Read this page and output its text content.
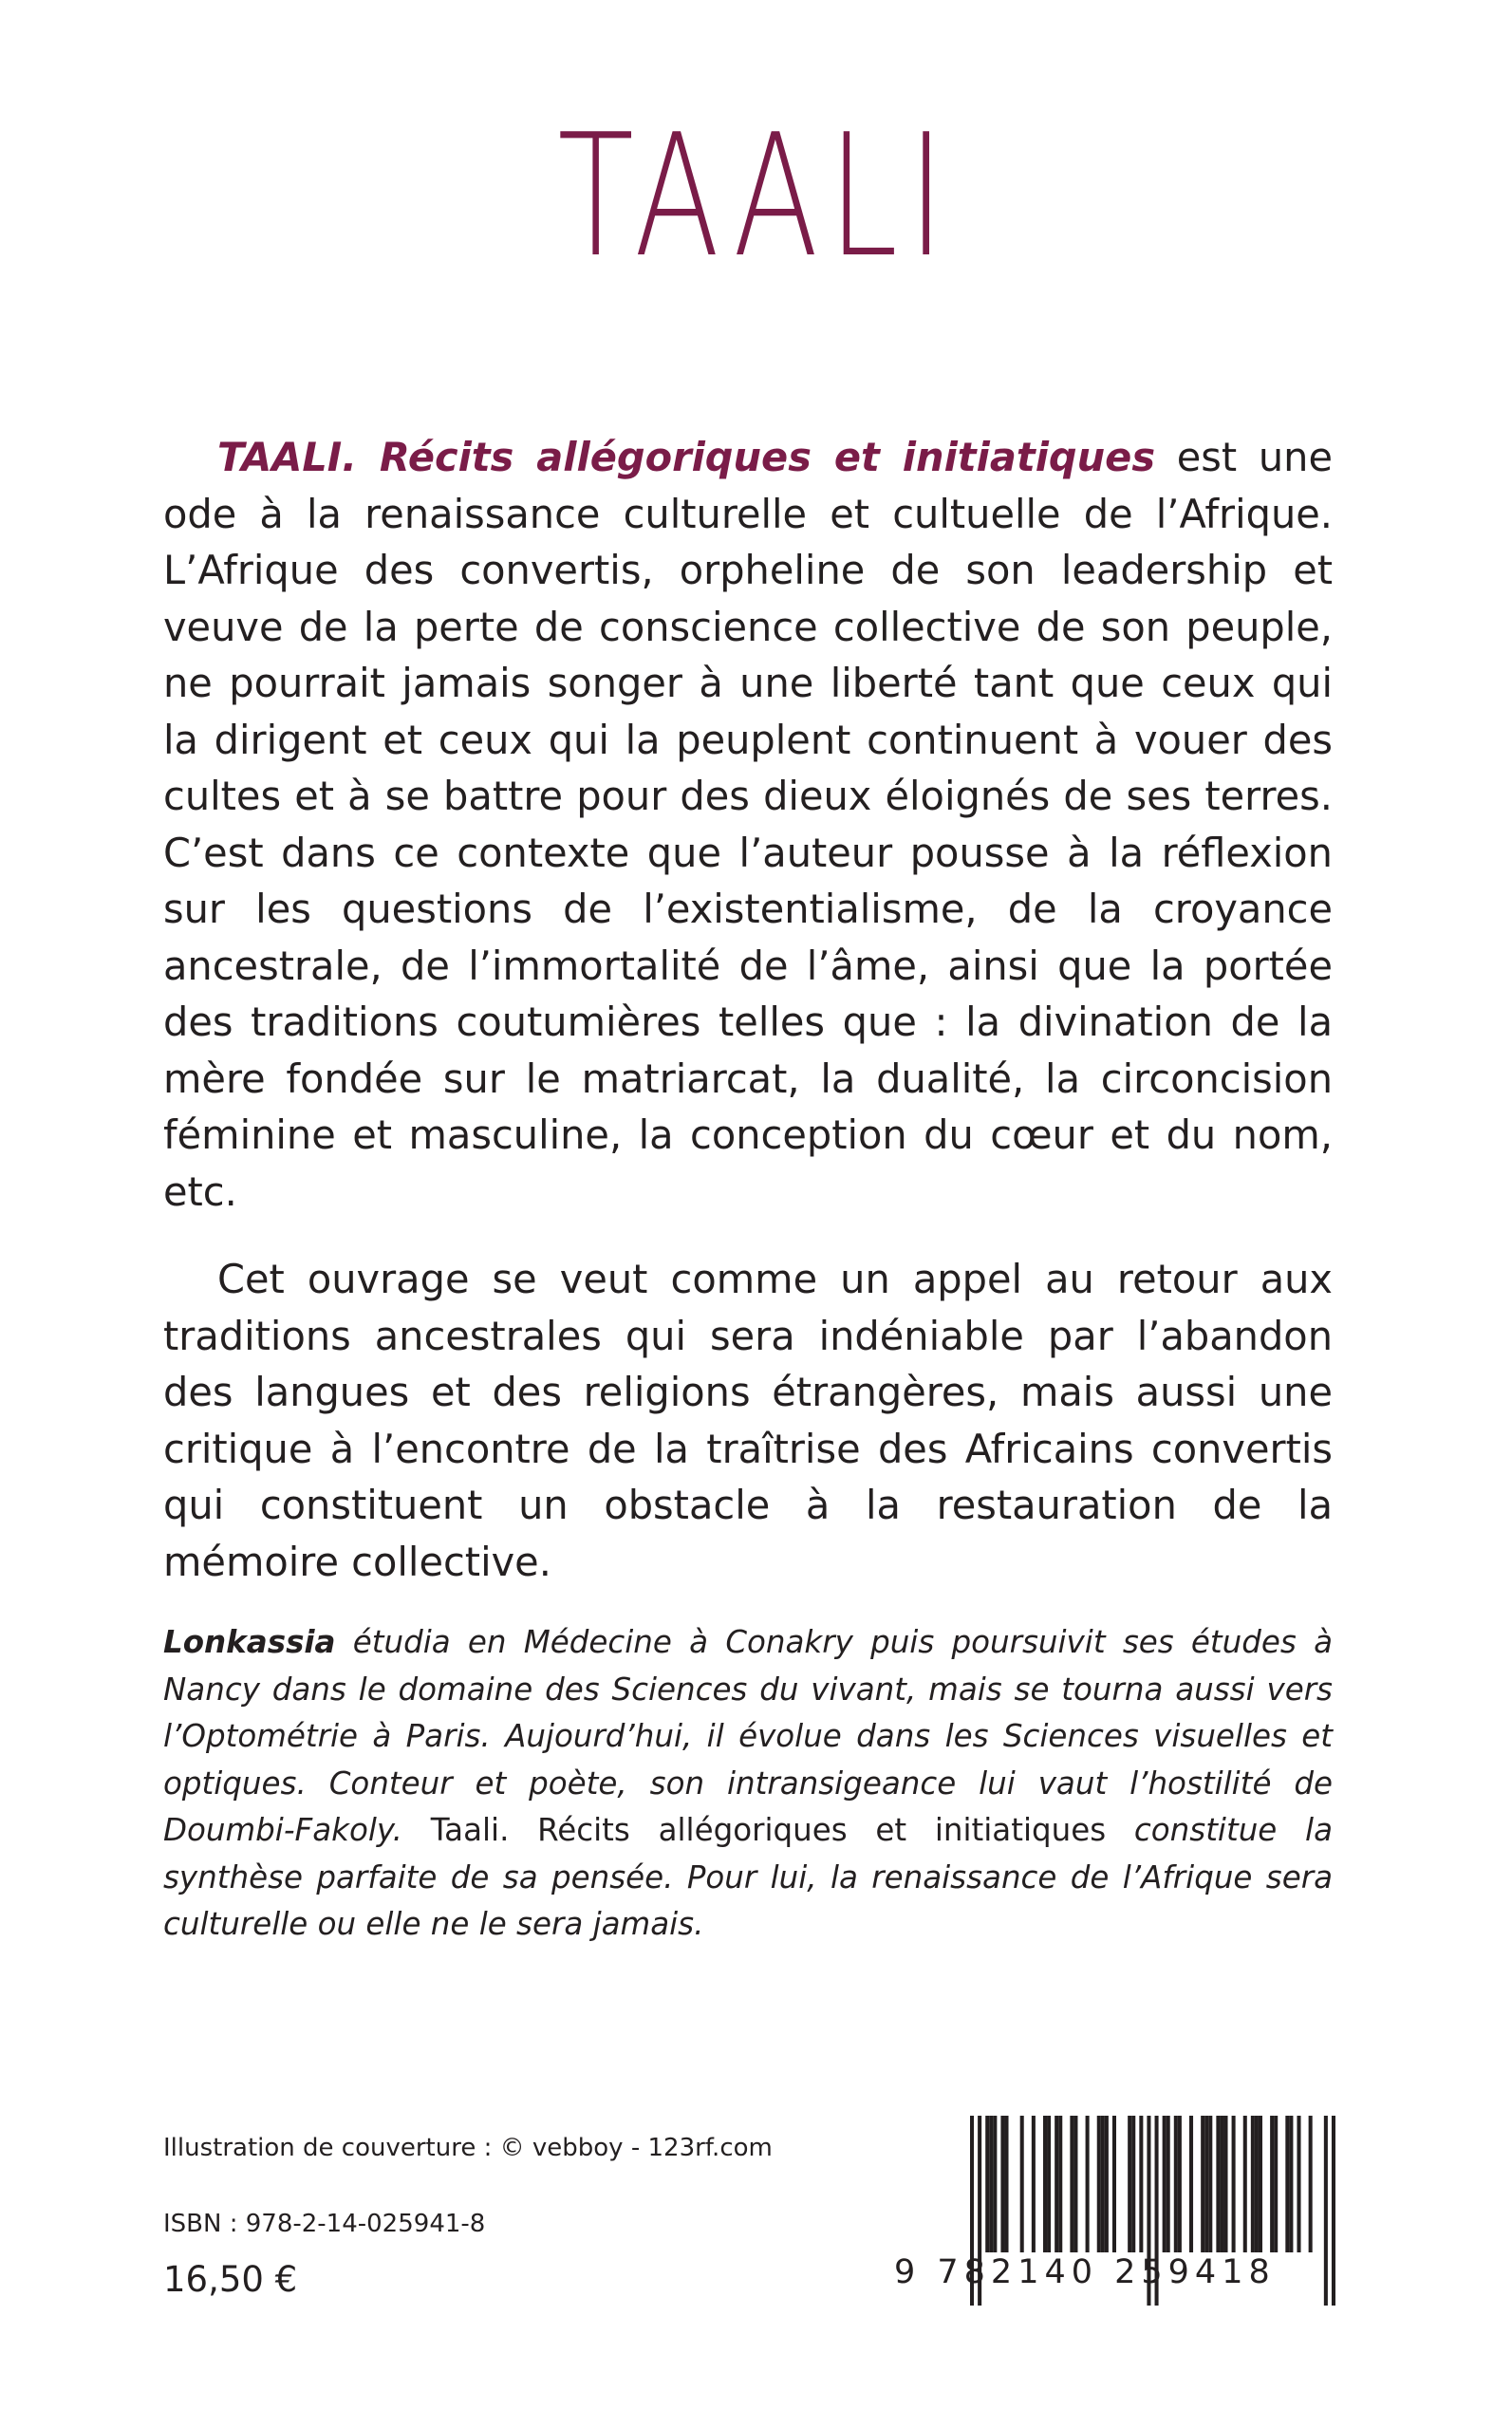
TAALI

TAALI. Récits allégoriques et initiatiques est une ode à la renaissance culturelle et cultuelle de l’Afrique. L’Afrique des convertis, orpheline de son leadership et veuve de la perte de conscience collective de son peuple, ne pourrait jamais songer à une liberté tant que ceux qui la dirigent et ceux qui la peuplent continuent à vouer des cultes et à se battre pour des dieux éloignés de ses terres. C’est dans ce contexte que l’auteur pousse à la réflexion sur les questions de l’existentialisme, de la croyance ancestrale, de l’immortalité de l’âme, ainsi que la portée des traditions coutumières telles que : la divination de la mère fondée sur le matriarcat, la dualité, la circoncision féminine et masculine, la conception du cœur et du nom, etc.

Cet ouvrage se veut comme un appel au retour aux traditions ancestrales qui sera indéniable par l’abandon des langues et des religions étrangères, mais aussi une critique à l’encontre de la traîtrise des Africains convertis qui constituent un obstacle à la restauration de la mémoire collective.

Lonkassia étudia en Médecine à Conakry puis poursuivit ses études à Nancy dans le domaine des Sciences du vivant, mais se tourna aussi vers l’Optométrie à Paris. Aujourd’hui, il évolue dans les Sciences visuelles et optiques. Conteur et poète, son intransigeance lui vaut l’hostilité de Doumbi-Fakoly. Taali. Récits allégoriques et initiatiques constitue la synthèse parfaite de sa pensée. Pour lui, la renaissance de l’Afrique sera culturelle ou elle ne le sera jamais.

Illustration de couverture : © vebboy - 123rf.com
ISBN : 978-2-14-025941-8
16,50 €	9 782140 259418
